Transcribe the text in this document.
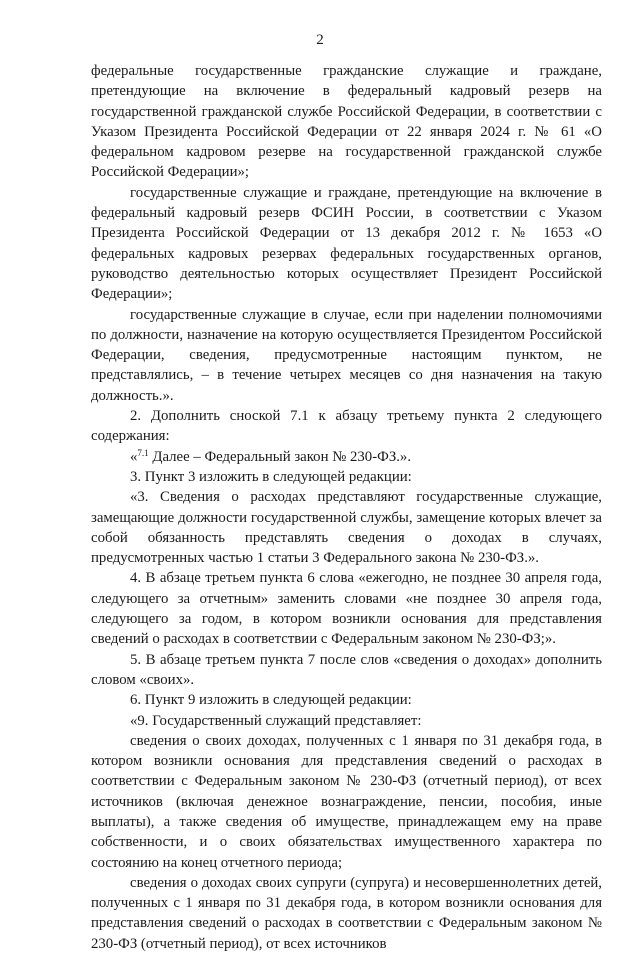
2

федеральные государственные гражданские служащие и граждане, претендующие на включение в федеральный кадровый резерв на государственной гражданской службе Российской Федерации, в соответствии с Указом Президента Российской Федерации от 22 января 2024 г. № 61 «О федеральном кадровом резерве на государственной гражданской службе Российской Федерации»;

государственные служащие и граждане, претендующие на включение в федеральный кадровый резерв ФСИН России, в соответствии с Указом Президента Российской Федерации от 13 декабря 2012 г. № 1653 «О федеральных кадровых резервах федеральных государственных органов, руководство деятельностью которых осуществляет Президент Российской Федерации»;

государственные служащие в случае, если при наделении полномочиями по должности, назначение на которую осуществляется Президентом Российской Федерации, сведения, предусмотренные настоящим пунктом, не представлялись, – в течение четырех месяцев со дня назначения на такую должность.».

2. Дополнить сноской 7.1 к абзацу третьему пункта 2 следующего содержания:

«$^{7.1}$ Далее – Федеральный закон № 230-ФЗ.».

3. Пункт 3 изложить в следующей редакции:

«3. Сведения о расходах представляют государственные служащие, замещающие должности государственной службы, замещение которых влечет за собой обязанность представлять сведения о доходах в случаях, предусмотренных частью 1 статьи 3 Федерального закона № 230-ФЗ.».

4. В абзаце третьем пункта 6 слова «ежегодно, не позднее 30 апреля года, следующего за отчетным» заменить словами «не позднее 30 апреля года, следующего за годом, в котором возникли основания для представления сведений о расходах в соответствии с Федеральным законом № 230-ФЗ;».

5. В абзаце третьем пункта 7 после слов «сведения о доходах» дополнить словом «своих».

6. Пункт 9 изложить в следующей редакции:

«9. Государственный служащий представляет:

сведения о своих доходах, полученных с 1 января по 31 декабря года, в котором возникли основания для представления сведений о расходах в соответствии с Федеральным законом № 230-ФЗ (отчетный период), от всех источников (включая денежное вознаграждение, пенсии, пособия, иные выплаты), а также сведения об имуществе, принадлежащем ему на праве собственности, и о своих обязательствах имущественного характера по состоянию на конец отчетного периода;

сведения о доходах своих супруги (супруга) и несовершеннолетних детей, полученных с 1 января по 31 декабря года, в котором возникли основания для представления сведений о расходах в соответствии с Федеральным законом № 230-ФЗ (отчетный период), от всех источников
